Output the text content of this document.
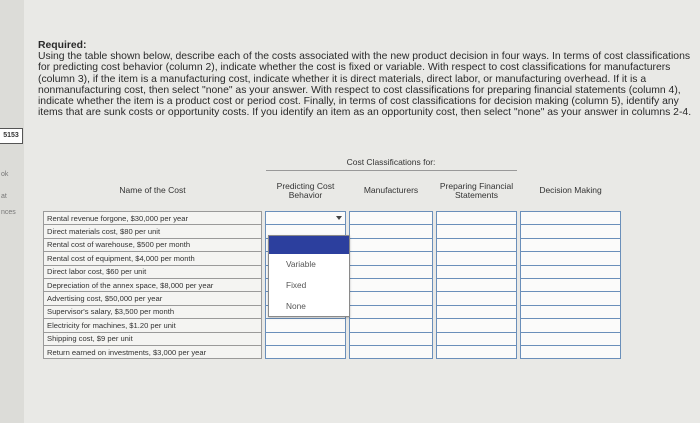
ok
at
nces
5153
Required:
Using the table shown below, describe each of the costs associated with the new product decision in four ways. In terms of cost classifications for predicting cost behavior (column 2), indicate whether the cost is fixed or variable. With respect to cost classifications for manufacturers (column 3), if the item is a manufacturing cost, indicate whether it is direct materials, direct labor, or manufacturing overhead. If it is a nonmanufacturing cost, then select "none" as your answer. With respect to cost classifications for preparing financial statements (column 4), indicate whether the item is a product cost or period cost. Finally, in terms of cost classifications for decision making (column 5), identify any items that are sunk costs or opportunity costs. If you identify an item as an opportunity cost, then select "none" as your answer in columns 2-4.
		Cost Classifications for:						
Name of the Cost		Predicting Cost Behavior		Manufacturers		Preparing Financial Statements		Decision Making
Rental revenue forgone, $30,000 per year		

Direct materials cost, $80 per unit								
Rental cost of warehouse, $500 per month								
Rental cost of equipment, $4,000 per month								
Direct labor cost, $60 per unit								
Depreciation of the annex space, $8,000 per year								
Advertising cost, $50,000 per year								
Supervisor's salary, $3,500 per month								
Electricity for machines, $1.20 per unit								
Shipping cost, $9 per unit								
Return earned on investments, $3,000 per year								
Variable
Fixed
None
